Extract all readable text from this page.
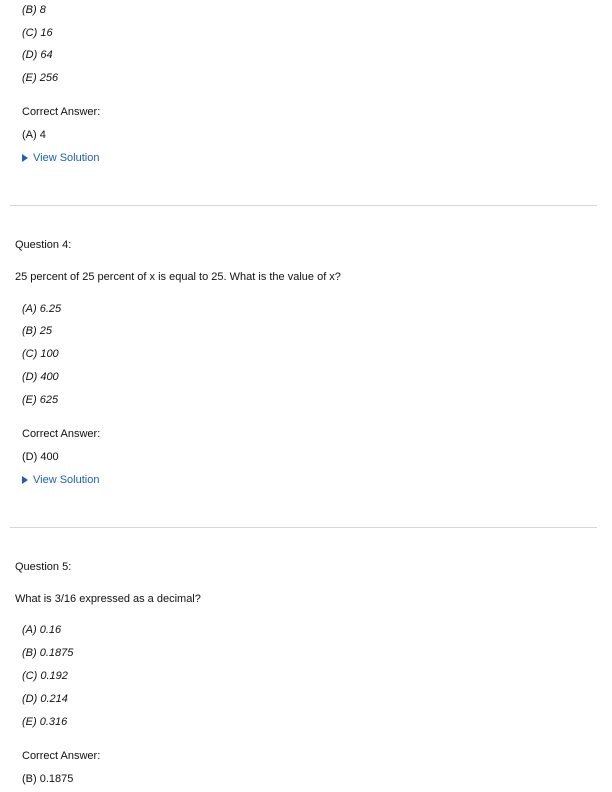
(B) 8
(C) 16
(D) 64
(E) 256
Correct Answer:
(A) 4
View Solution
Question 4:
25 percent of 25 percent of x is equal to 25. What is the value of x?
(A) 6.25
(B) 25
(C) 100
(D) 400
(E) 625
Correct Answer:
(D) 400
View Solution
Question 5:
What is 3/16 expressed as a decimal?
(A) 0.16
(B) 0.1875
(C) 0.192
(D) 0.214
(E) 0.316
Correct Answer:
(B) 0.1875
